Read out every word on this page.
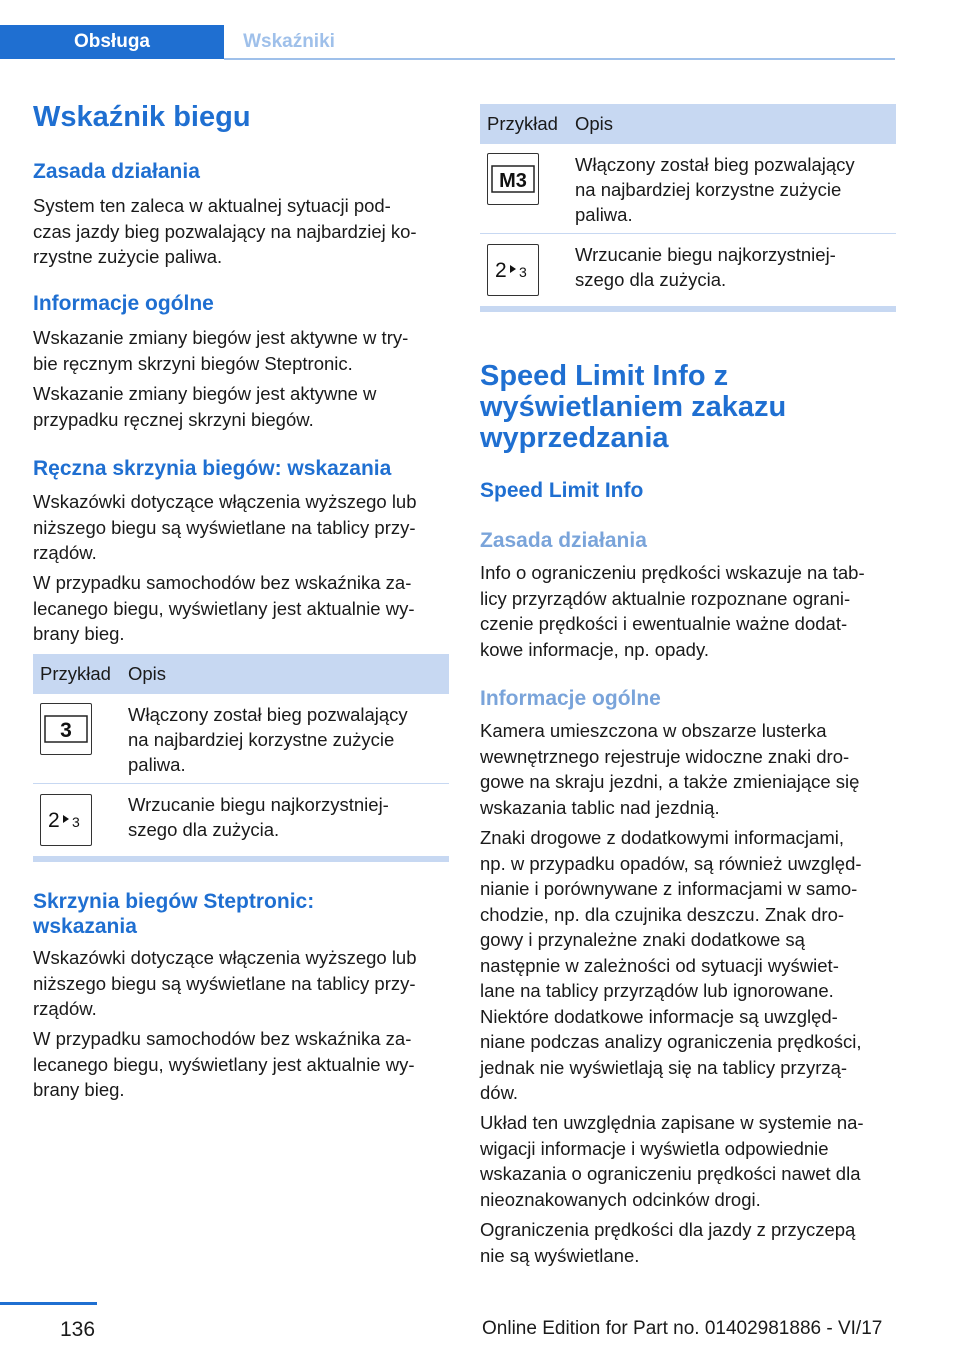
Obsługa	Wskaźniki
Wskaźnik biegu
Zasada działania
System ten zaleca w aktualnej sytuacji pod-
czas jazdy bieg pozwalający na najbardziej ko-
rzystne zużycie paliwa.
Informacje ogólne
Wskazanie zmiany biegów jest aktywne w try-
bie ręcznym skrzyni biegów Steptronic.
Wskazanie zmiany biegów jest aktywne w
przypadku ręcznej skrzyni biegów.
Ręczna skrzynia biegów: wskazania
Wskazówki dotyczące włączenia wyższego lub
niższego biegu są wyświetlane na tablicy przy-
rządów.
W przypadku samochodów bez wskaźnika za-
lecanego biegu, wyświetlany jest aktualnie wy-
brany bieg.
Przykład Opis
3
Włączony został bieg pozwalający
na najbardziej korzystne zużycie
paliwa.
2 3
Wrzucanie biegu najkorzystniej-
szego dla zużycia.
Skrzynia biegów Steptronic:
wskazania
Wskazówki dotyczące włączenia wyższego lub
niższego biegu są wyświetlane na tablicy przy-
rządów.
W przypadku samochodów bez wskaźnika za-
lecanego biegu, wyświetlany jest aktualnie wy-
brany bieg.
Przykład Opis
M3
Włączony został bieg pozwalający
na najbardziej korzystne zużycie
paliwa.
2 3
Wrzucanie biegu najkorzystniej-
szego dla zużycia.
Speed Limit Info z
wyświetlaniem zakazu
wyprzedzania
Speed Limit Info
Zasada działania
Info o ograniczeniu prędkości wskazuje na tab-
licy przyrządów aktualnie rozpoznane ograni-
czenie prędkości i ewentualnie ważne dodat-
kowe informacje, np. opady.
Informacje ogólne
Kamera umieszczona w obszarze lusterka
wewnętrznego rejestruje widoczne znaki dro-
gowe na skraju jezdni, a także zmieniające się
wskazania tablic nad jezdnią.
Znaki drogowe z dodatkowymi informacjami,
np. w przypadku opadów, są również uwzględ-
nianie i porównywane z informacjami w samo-
chodzie, np. dla czujnika deszczu. Znak dro-
gowy i przynależne znaki dodatkowe są
następnie w zależności od sytuacji wyświet-
lane na tablicy przyrządów lub ignorowane.
Niektóre dodatkowe informacje są uwzględ-
niane podczas analizy ograniczenia prędkości,
jednak nie wyświetlają się na tablicy przyrzą-
dów.
Układ ten uwzględnia zapisane w systemie na-
wigacji informacje i wyświetla odpowiednie
wskazania o ograniczeniu prędkości nawet dla
nieoznakowanych odcinków drogi.
Ograniczenia prędkości dla jazdy z przyczepą
nie są wyświetlane.
136	Online Edition for Part no. 01402981886 - VI/17
